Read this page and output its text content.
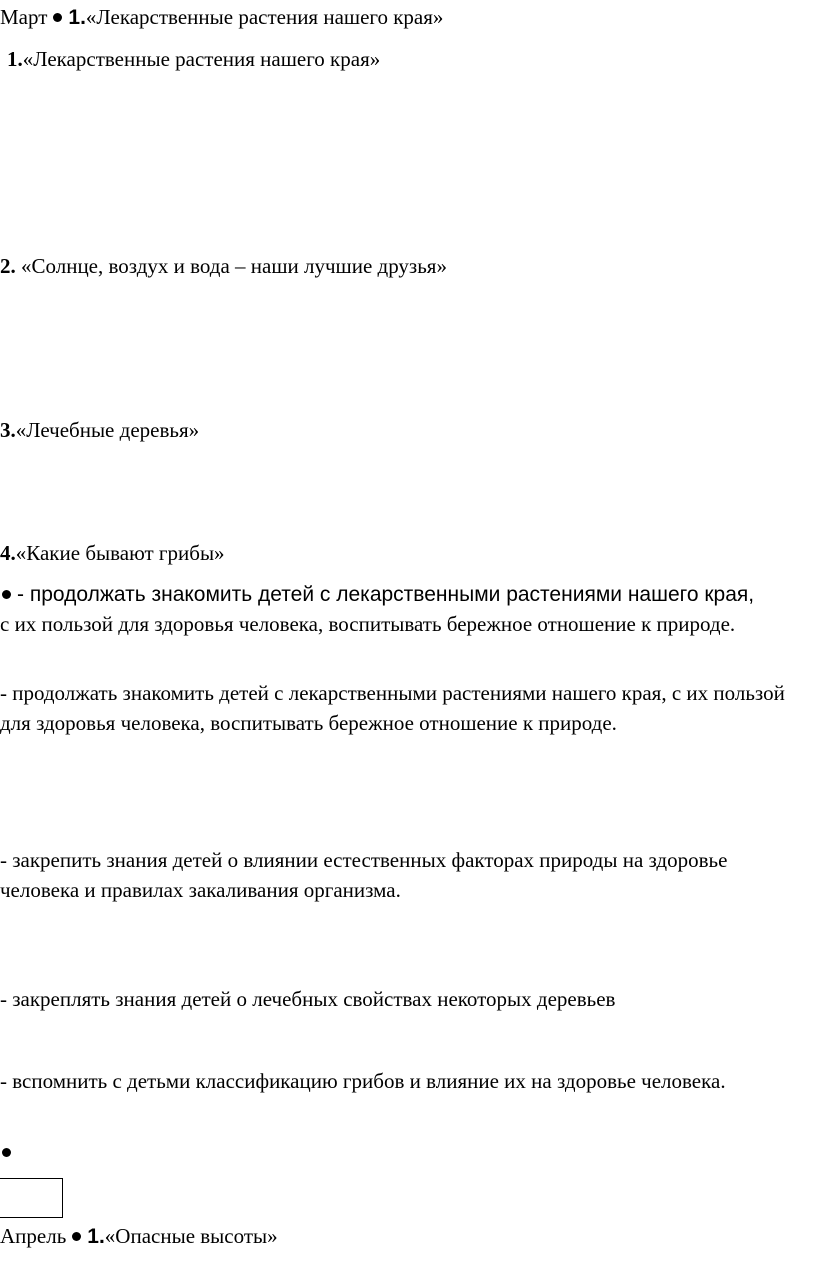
Март 1.«Лекарственные растения нашего края»
1.«Лекарственные растения нашего края»
2. «Солнце, воздух и вода – наши лучшие друзья»
3.«Лечебные деревья»
4.«Какие бывают грибы»
- продолжать знакомить детей с лекарственными растениями нашего края,
с их пользой для здоровья человека, воспитывать бережное отношение к природе.
- продолжать знакомить детей с лекарственными растениями нашего края, с их пользой для здоровья человека, воспитывать бережное отношение к природе.
- закрепить знания детей о влиянии естественных факторах природы на здоровье человека и правилах закаливания организма.
- закреплять знания детей о лечебных свойствах некоторых деревьев
- вспомнить с детьми классификацию грибов и влияние их на здоровье человека.
Апрель 1.«Опасные высоты»
